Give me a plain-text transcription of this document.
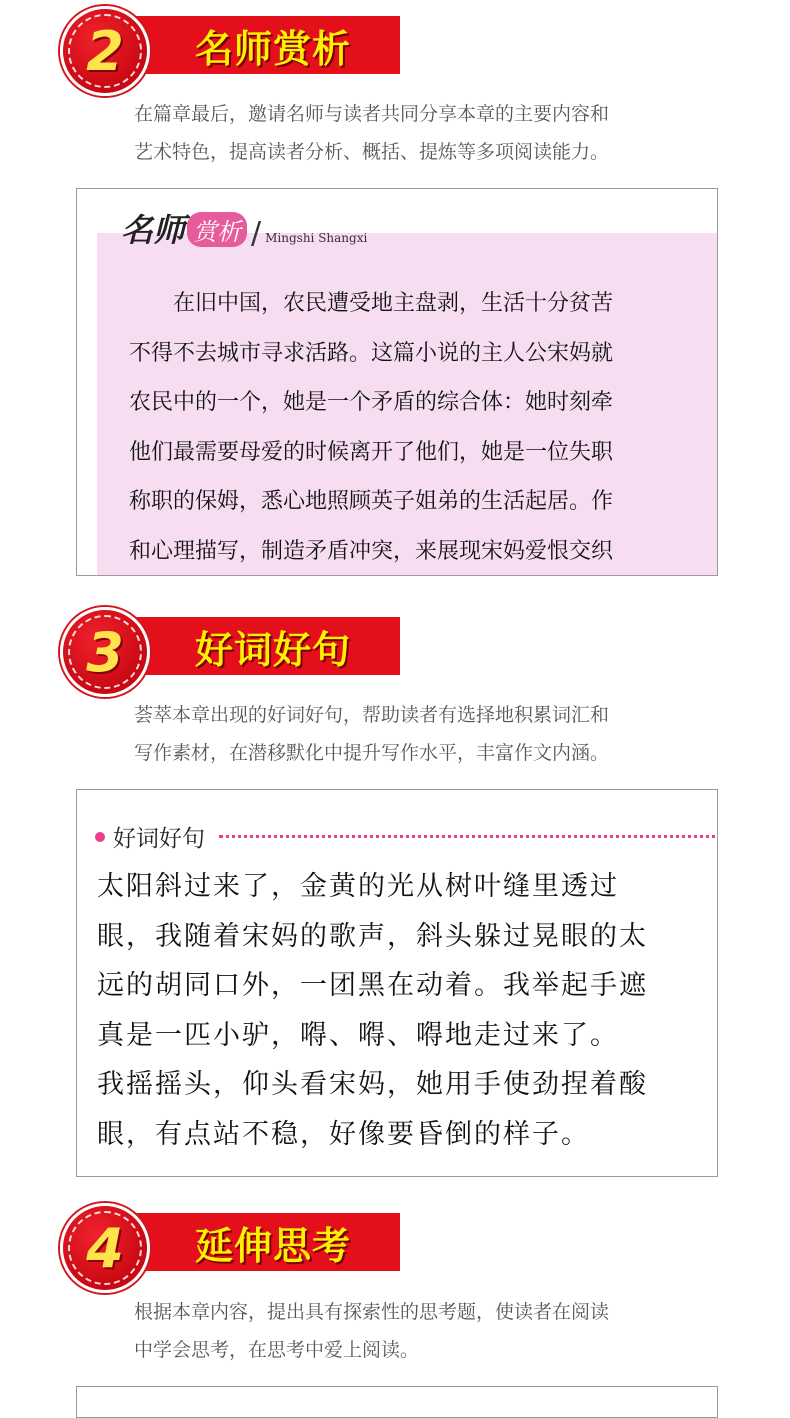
2	名师赏析

在篇章最后，邀请名师与读者共同分享本章的主要内容和

艺术特色，提高读者分析、概括、提炼等多项阅读能力。

名师 赏析 / Mingshi Shangxi

　　在旧中国，农民遭受地主盘剥，生活十分贫苦

不得不去城市寻求活路。这篇小说的主人公宋妈就

农民中的一个，她是一个矛盾的综合体：她时刻牵

他们最需要母爱的时候离开了他们，她是一位失职

称职的保姆，悉心地照顾英子姐弟的生活起居。作

和心理描写，制造矛盾冲突，来展现宋妈爱恨交织

3	好词好句

荟萃本章出现的好词好句，帮助读者有选择地积累词汇和

写作素材，在潜移默化中提升写作水平，丰富作文内涵。

好词好句

太阳斜过来了，金黄的光从树叶缝里透过

眼，我随着宋妈的歌声，斜头躲过晃眼的太

远的胡同口外，一团黑在动着。我举起手遮

真是一匹小驴，嘚、嘚、嘚地走过来了。

我摇摇头，仰头看宋妈，她用手使劲捏着酸

眼，有点站不稳，好像要昏倒的样子。

4	延伸思考

根据本章内容，提出具有探索性的思考题，使读者在阅读

中学会思考，在思考中爱上阅读。
